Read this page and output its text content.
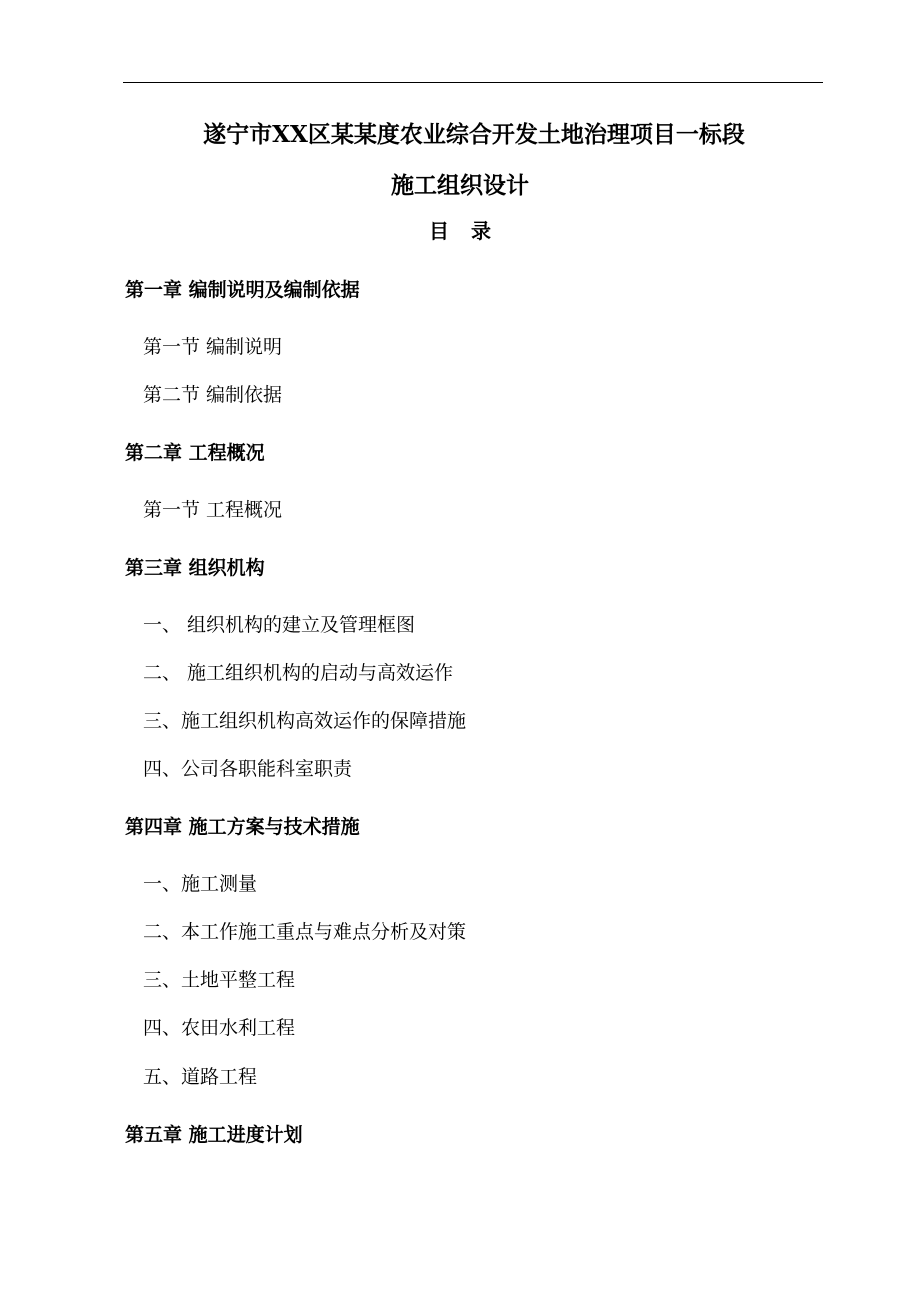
遂宁市XX区某某度农业综合开发土地治理项目一标段
施工组织设计
目录
第一章 编制说明及编制依据
第一节 编制说明
第二节 编制依据
第二章 工程概况
第一节 工程概况
第三章 组织机构
一、 组织机构的建立及管理框图
二、 施工组织机构的启动与高效运作
三、施工组织机构高效运作的保障措施
四、公司各职能科室职责
第四章 施工方案与技术措施
一、施工测量
二、本工作施工重点与难点分析及对策
三、土地平整工程
四、农田水利工程
五、道路工程
第五章 施工进度计划
